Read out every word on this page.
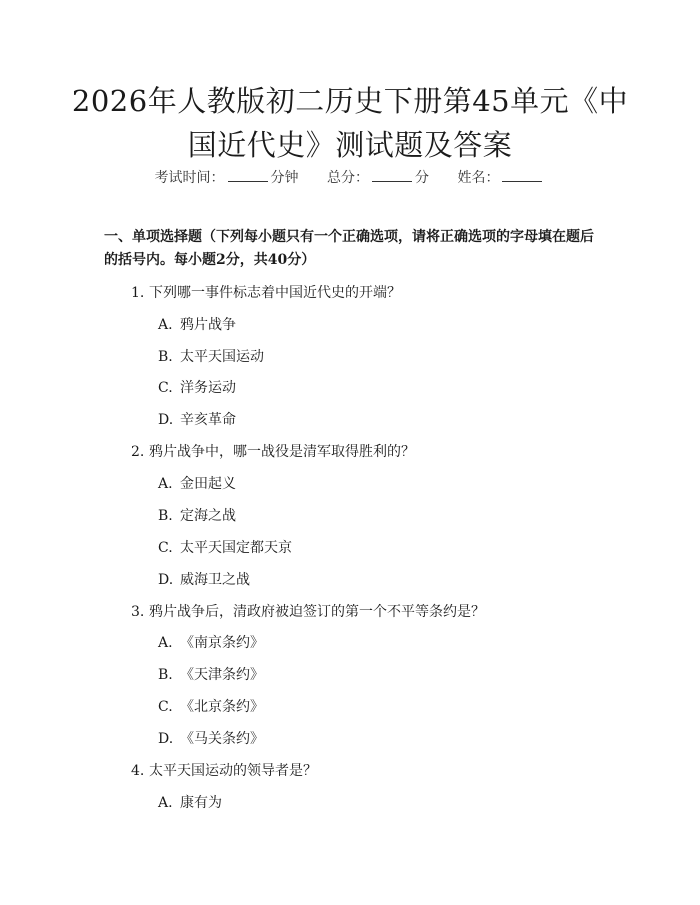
2026年人教版初二历史下册第45单元《中
国近代史》测试题及答案
考试时间：	分钟 总分：	分 姓名：
一、单项选择题（下列每小题只有一个正确选项，请将正确选项的字母填在题后的括号内。每小题2分，共40分）
1. 下列哪一事件标志着中国近代史的开端？
A. 鸦片战争
B. 太平天国运动
C. 洋务运动
D. 辛亥革命
2. 鸦片战争中，哪一战役是清军取得胜利的？
A. 金田起义
B. 定海之战
C. 太平天国定都天京
D. 威海卫之战
3. 鸦片战争后，清政府被迫签订的第一个不平等条约是？
A. 《南京条约》
B. 《天津条约》
C. 《北京条约》
D. 《马关条约》
4. 太平天国运动的领导者是？
A. 康有为
